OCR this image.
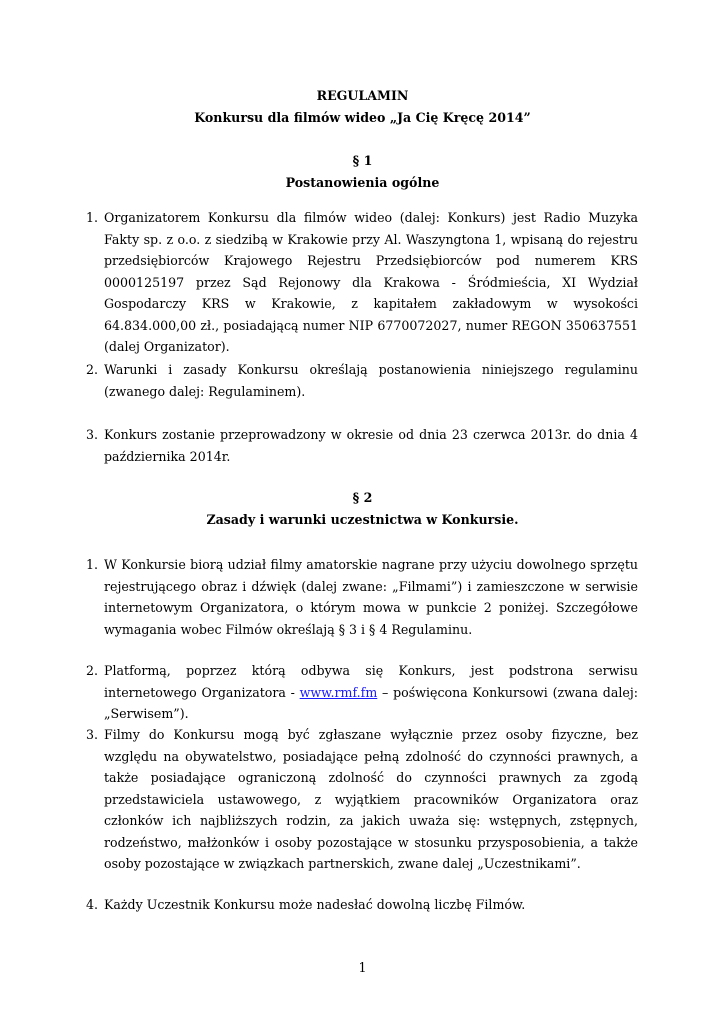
REGULAMIN
Konkursu dla filmów wideo „Ja Cię Kręcę 2014”
§ 1
Postanowienia ogólne
1. Organizatorem Konkursu dla filmów wideo (dalej: Konkurs) jest Radio Muzyka Fakty sp. z o.o. z siedzibą w Krakowie przy Al. Waszyngtona 1, wpisaną do rejestru przedsiębiorców Krajowego Rejestru Przedsiębiorców pod numerem KRS 0000125197 przez Sąd Rejonowy dla Krakowa - Śródmieścia, XI Wydział Gospodarczy KRS w Krakowie, z kapitałem zakładowym w wysokości 64.834.000,00 zł., posiadającą numer NIP 6770072027, numer REGON 350637551 (dalej Organizator).

2. Warunki i zasady Konkursu określają postanowienia niniejszego regulaminu (zwanego dalej: Regulaminem).

3. Konkurs zostanie przeprowadzony w okresie od dnia 23 czerwca 2013r. do dnia 4 października 2014r.

§ 2
Zasady i warunki uczestnictwa w Konkursie.
1. W Konkursie biorą udział filmy amatorskie nagrane przy użyciu dowolnego sprzętu rejestrującego obraz i dźwięk (dalej zwane: „Filmami”) i zamieszczone w serwisie internetowym Organizatora, o którym mowa w punkcie 2 poniżej. Szczegółowe wymagania wobec Filmów określają § 3 i § 4 Regulaminu.

2. Platformą, poprzez którą odbywa się Konkurs, jest podstrona serwisu internetowego Organizatora - www.rmf.fm – poświęcona Konkursowi (zwana dalej: „Serwisem”).

3. Filmy do Konkursu mogą być zgłaszane wyłącznie przez osoby fizyczne, bez względu na obywatelstwo, posiadające pełną zdolność do czynności prawnych, a także posiadające ograniczoną zdolność do czynności prawnych za zgodą przedstawiciela ustawowego, z wyjątkiem pracowników Organizatora oraz członków ich najbliższych rodzin, za jakich uważa się: wstępnych, zstępnych, rodzeństwo, małżonków i osoby pozostające w stosunku przysposobienia, a także osoby pozostające w związkach partnerskich, zwane dalej „Uczestnikami”.

4. Każdy Uczestnik Konkursu może nadesłać dowolną liczbę Filmów.

1
